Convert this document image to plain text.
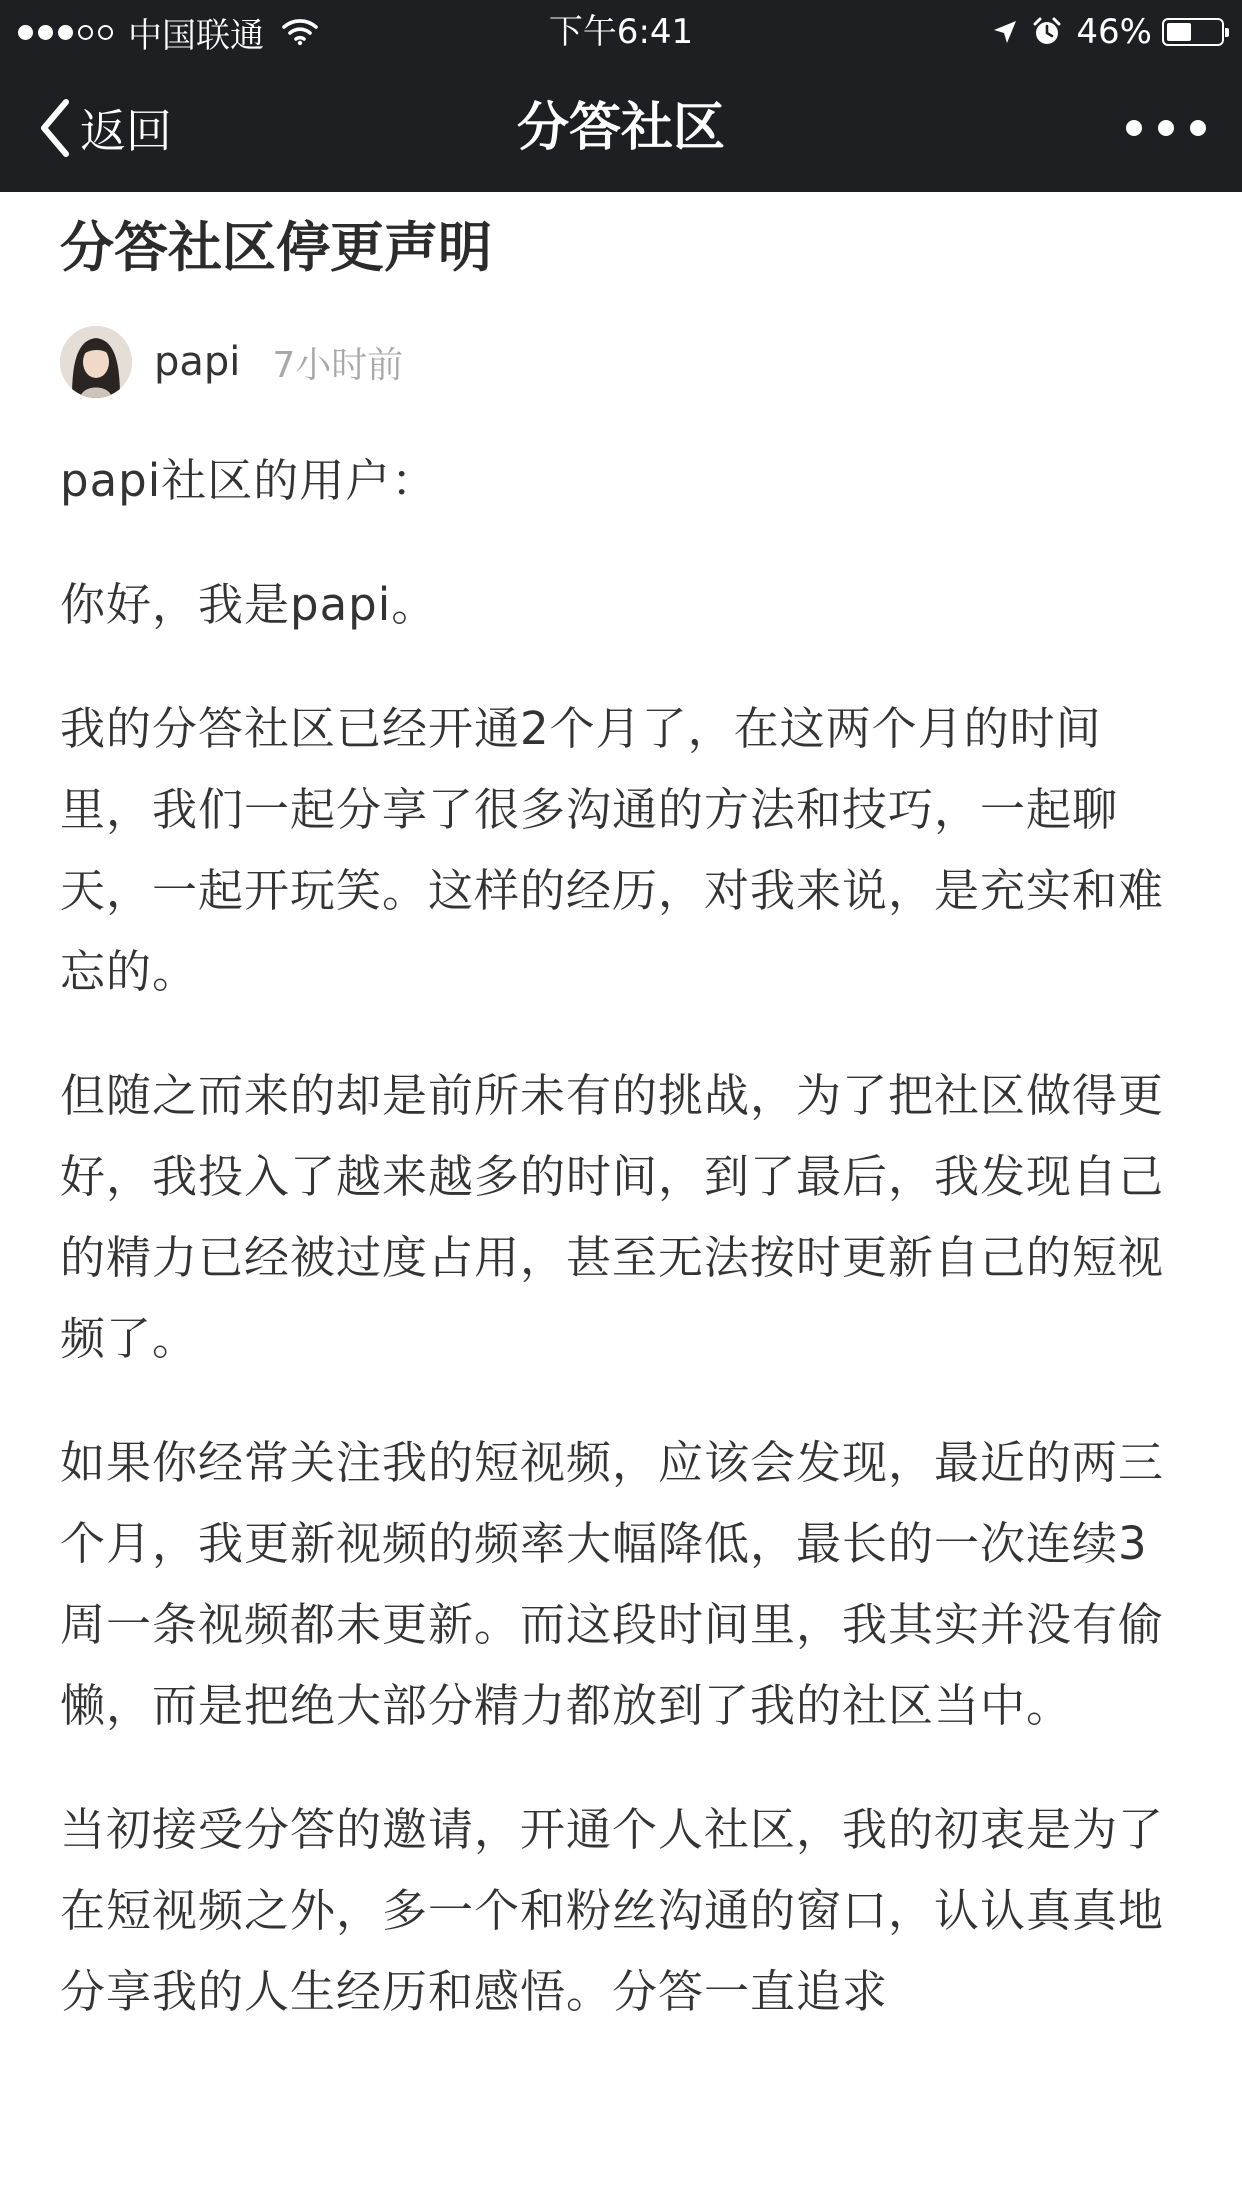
中国联通	下午6:41	46%
返回	分答社区
分答社区停更声明
papi 7小时前

papi社区的用户：

你好，我是papi。

我的分答社区已经开通2个月了，在这两个月的时间里，我们一起分享了很多沟通的方法和技巧，一起聊天，一起开玩笑。这样的经历，对我来说，是充实和难忘的。

但随之而来的却是前所未有的挑战，为了把社区做得更好，我投入了越来越多的时间，到了最后，我发现自己的精力已经被过度占用，甚至无法按时更新自己的短视频了。

如果你经常关注我的短视频，应该会发现，最近的两三个月，我更新视频的频率大幅降低，最长的一次连续3周一条视频都未更新。而这段时间里，我其实并没有偷懒，而是把绝大部分精力都放到了我的社区当中。

当初接受分答的邀请，开通个人社区，我的初衷是为了在短视频之外，多一个和粉丝沟通的窗口，认认真真地分享我的人生经历和感悟。分答一直追求
